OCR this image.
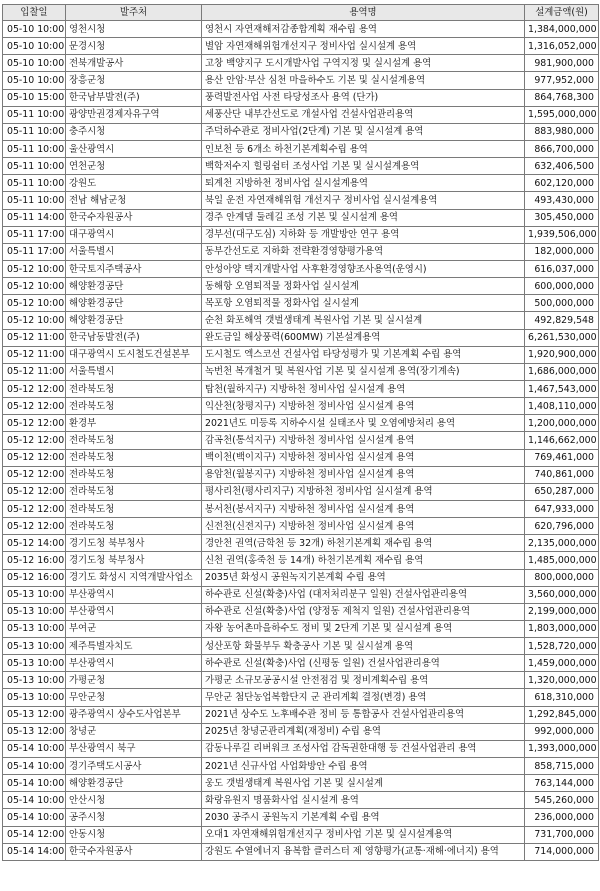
입찰일	발주처	용역명	설계금액(원)
05-10 10:00	영천시청	영천시 자연재해저감종합계획 재수립 용역	1,384,000,000
05-10 10:00	문경시청	별암 자연재해위험개선지구 정비사업 실시설계 용역	1,316,052,000
05-10 10:00	전북개발공사	고창 백양지구 도시개발사업 구역지정 및 실시설계 용역	981,900,000
05-10 10:00	장흥군청	용산 안암·부산 심천 마을하수도 기본 및 실시설계용역	977,952,000
05-10 15:00	한국남부발전(주)	풍력발전사업 사전 타당성조사 용역 (단가)	864,768,300
05-11 10:00	광양만권경제자유구역	세풍산단 내부간선도로 개설사업 건설사업관리용역	1,595,000,000
05-11 10:00	충주시청	주덕하수관로 정비사업(2단계) 기본 및 실시설계 용역	883,980,000
05-11 10:00	울산광역시	인보천 등 6개소 하천기본계획수립 용역	866,700,000
05-11 10:00	연천군청	백학저수지 힐링쉼터 조성사업 기본 및 실시설계용역	632,406,500
05-11 10:00	강원도	퇴계천 지방하천 정비사업 실시설계용역	602,120,000
05-11 10:00	전남 해남군청	북일 운전 자연재해위험 개선지구 정비사업 실시설계용역	493,430,000
05-11 14:00	한국수자원공사	경주 안계댐 둘레길 조성 기본 및 실시설계 용역	305,450,000
05-11 17:00	대구광역시	경부선(대구도심) 지하화 등 개발방안 연구 용역	1,939,506,000
05-11 17:00	서울특별시	동부간선도로 지하화 전략환경영향평가용역	182,000,000
05-12 10:00	한국토지주택공사	안성아양 택지개발사업 사후환경영향조사용역(운영시)	616,037,000
05-12 10:00	해양환경공단	동해항 오염퇴적물 정화사업 실시설계	600,000,000
05-12 10:00	해양환경공단	목포항 오염퇴적물 정화사업 실시설계	500,000,000
05-12 10:00	해양환경공단	순천 화포해역 갯벌생태계 복원사업 기본 및 실시설계	492,829,548
05-12 11:00	한국남동발전(주)	완도금일 해상풍력(600MW) 기본설계용역	6,261,530,000
05-12 11:00	대구광역시 도시철도건설본부	도시철도 엑스코선 건설사업 타당성평가 및 기본계획 수립 용역	1,920,900,000
05-12 11:00	서울특별시	녹번천 복개철거 및 복원사업 기본 및 실시설계 용역(장기계속)	1,686,000,000
05-12 12:00	전라북도청	탑천(월하지구) 지방하천 정비사업 실시설계 용역	1,467,543,000
05-12 12:00	전라북도청	익산천(창평지구) 지방하천 정비사업 실시설계 용역	1,408,110,000
05-12 12:00	환경부	2021년도 미등록 지하수시설 실태조사 및 오염예방처리 용역	1,200,000,000
05-12 12:00	전라북도청	감곡천(통석지구) 지방하천 정비사업 실시설계 용역	1,146,662,000
05-12 12:00	전라북도청	백이천(백이지구) 지방하천 정비사업 실시설계 용역	769,461,000
05-12 12:00	전라북도청	용암천(월봉지구) 지방하천 정비사업 실시설계 용역	740,861,000
05-12 12:00	전라북도청	평사리천(평사리지구) 지방하천 정비사업 실시설계 용역	650,287,000
05-12 12:00	전라북도청	봉서천(봉서지구) 지방하천 정비사업 실시설계 용역	647,933,000
05-12 12:00	전라북도청	신전천(신전지구) 지방하천 정비사업 실시설계 용역	620,796,000
05-12 14:00	경기도청 북부청사	경안천 권역(금학천 등 32개) 하천기본계획 재수립 용역	2,135,000,000
05-12 16:00	경기도청 북부청사	신천 권역(홍죽천 등 14개) 하천기본계획 재수립 용역	1,485,000,000
05-12 16:00	경기도 화성시 지역개발사업소	2035년 화성시 공원녹지기본계획 수립 용역	800,000,000
05-13 10:00	부산광역시	하수관로 신설(확충)사업 (대저처리분구 일원) 건설사업관리용역	3,560,000,000
05-13 10:00	부산광역시	하수관로 신설(확충)사업 (양정동 제척지 일원) 건설사업관리용역	2,199,000,000
05-13 10:00	부여군	자왕 농어촌마을하수도 정비 및 2단계 기본 및 실시설계 용역	1,803,000,000
05-13 10:00	제주특별자치도	성산포항 화물부두 확충공사 기본 및 실시설계 용역	1,528,720,000
05-13 10:00	부산광역시	하수관로 신설(확충)사업 (신평동 일원) 건설사업관리용역	1,459,000,000
05-13 10:00	가평군청	가평군 소규모공공시설 안전점검 및 정비계획수립 용역	1,320,000,000
05-13 10:00	무안군청	무안군 첨단농업복합단지 군 관리계획 결정(변경) 용역	618,310,000
05-13 12:00	광주광역시 상수도사업본부	2021년 상수도 노후배수관 정비 등 통합공사 건설사업관리용역	1,292,845,000
05-13 12:00	창녕군	2025년 창녕군관리계획(재정비) 수립 용역	992,000,000
05-14 10:00	부산광역시 북구	감동나루길 리버워크 조성사업 감독권한대행 등 건설사업관리 용역	1,393,000,000
05-14 10:00	경기주택도시공사	2021년 신규사업 사업화방안 수립 용역	858,715,000
05-14 10:00	해양환경공단	웅도 갯벌생태계 복원사업 기본 및 실시설계	763,144,000
05-14 10:00	안산시청	화랑유원지 명품화사업 실시설계 용역	545,260,000
05-14 10:00	공주시청	2030 공주시 공원녹지 기본계획 수립 용역	236,000,000
05-14 12:00	안동시청	오대1 자연재해위험개선지구 정비사업 기본 및 실시설계용역	731,700,000
05-14 14:00	한국수자원공사	강원도 수열에너지 융복합 클러스터 제 영향평가(교통·재해·에너지) 용역	714,000,000
